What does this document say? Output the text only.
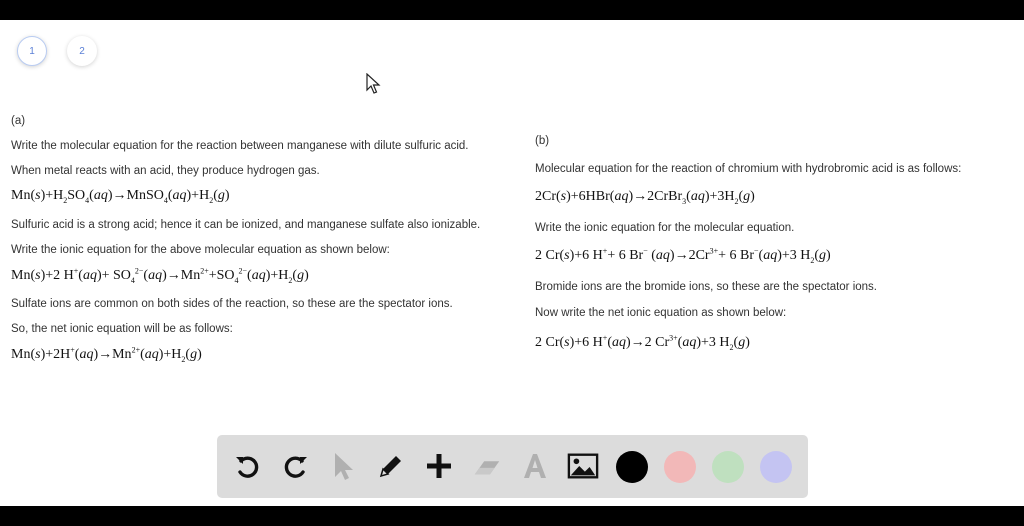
1	2
(a)
Write the molecular equation for the reaction between manganese with dilute sulfuric acid.
When metal reacts with an acid, they produce hydrogen gas.
$Mn(s)+H_2SO_4(aq)\to MnSO_4(aq)+H_2(g)$
Sulfuric acid is a strong acid; hence it can be ionized, and manganese sulfate also ionizable.
Write the ionic equation for the above molecular equation as shown below:
Mn(s)+2 $H^+(aq)+ SO_4^{2-}(aq)\to Mn^{2+}+SO_4^{2-}(aq)+H_2(g)$
Sulfate ions are common on both sides of the reaction, so these are the spectator ions.
So, the net ionic equation will be as follows:
$Mn(s)+2H^+(aq)\to Mn^{2+}(aq)+H_2(g)$
(b)
Molecular equation for the reaction of chromium with hydrobromic acid is as follows:
$2Cr(s)+6HBr(aq)\to 2CrBr_3(aq)+3H_2(g)$
Write the ionic equation for the molecular equation.
2 Cr(s)+6 H++ 6 Br− $(aq)\to 2Cr^{3+}+ 6$ Br−(aq)+3 $H_2(g)$
Bromide ions are the bromide ions, so these are the spectator ions.
Now write the net ionic equation as shown below:
2 Cr(s)+6 H+(aq)→2 $Cr^{3+}(aq)+3$ $H_2(g)$
